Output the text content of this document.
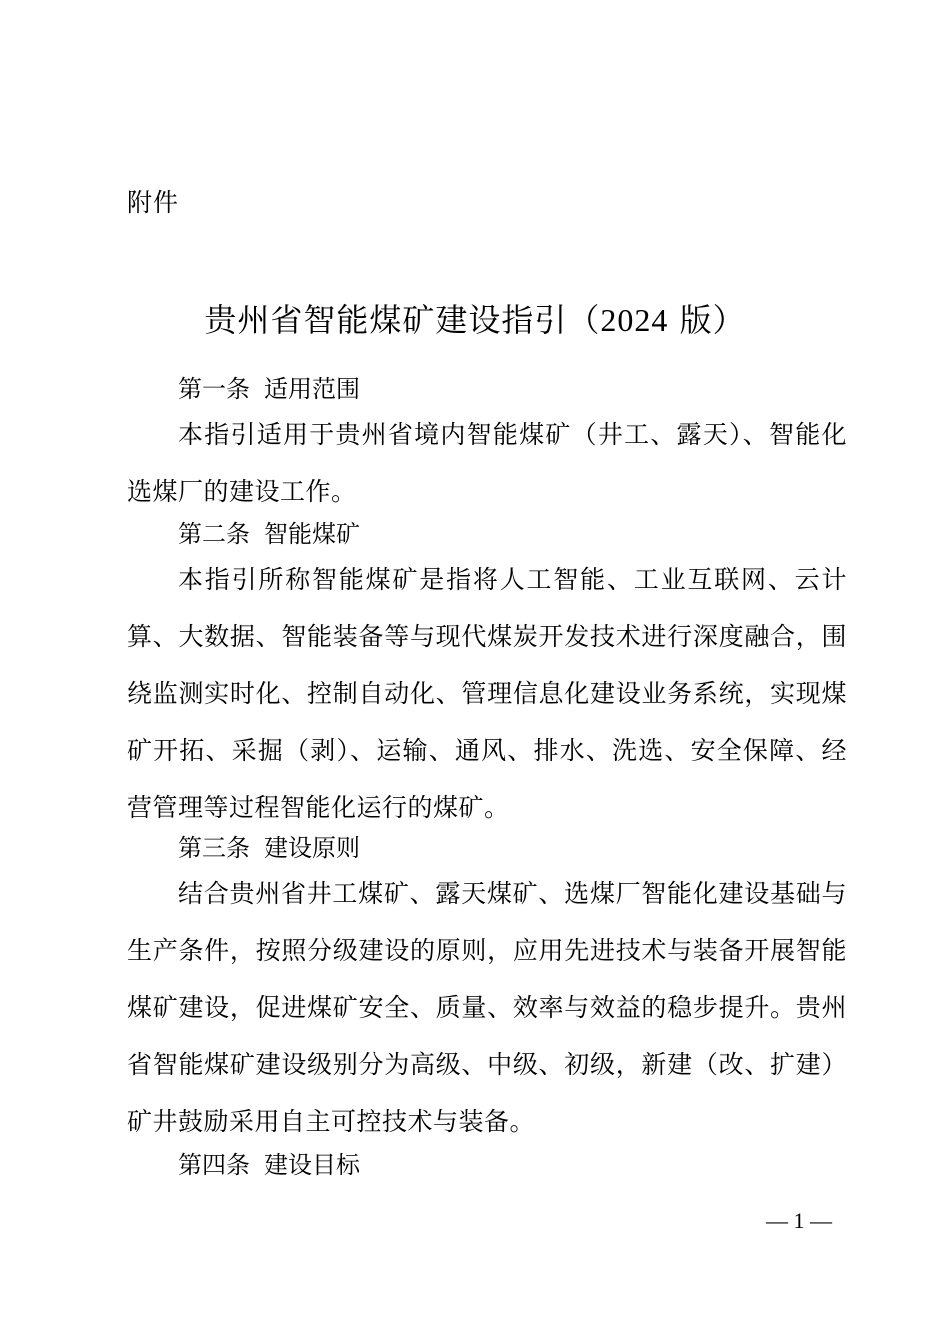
附件
贵州省智能煤矿建设指引（2024 版）
第一条 适用范围

本指引适用于贵州省境内智能煤矿（井工、露天）、智能化选煤厂的建设工作。

第二条 智能煤矿

本指引所称智能煤矿是指将人工智能、工业互联网、云计算、大数据、智能装备等与现代煤炭开发技术进行深度融合，围绕监测实时化、控制自动化、管理信息化建设业务系统，实现煤矿开拓、采掘（剥）、运输、通风、排水、洗选、安全保障、经营管理等过程智能化运行的煤矿。

第三条 建设原则

结合贵州省井工煤矿、露天煤矿、选煤厂智能化建设基础与生产条件，按照分级建设的原则，应用先进技术与装备开展智能煤矿建设，促进煤矿安全、质量、效率与效益的稳步提升。贵州省智能煤矿建设级别分为高级、中级、初级，新建（改、扩建）矿井鼓励采用自主可控技术与装备。

第四条 建设目标
— 1 —
